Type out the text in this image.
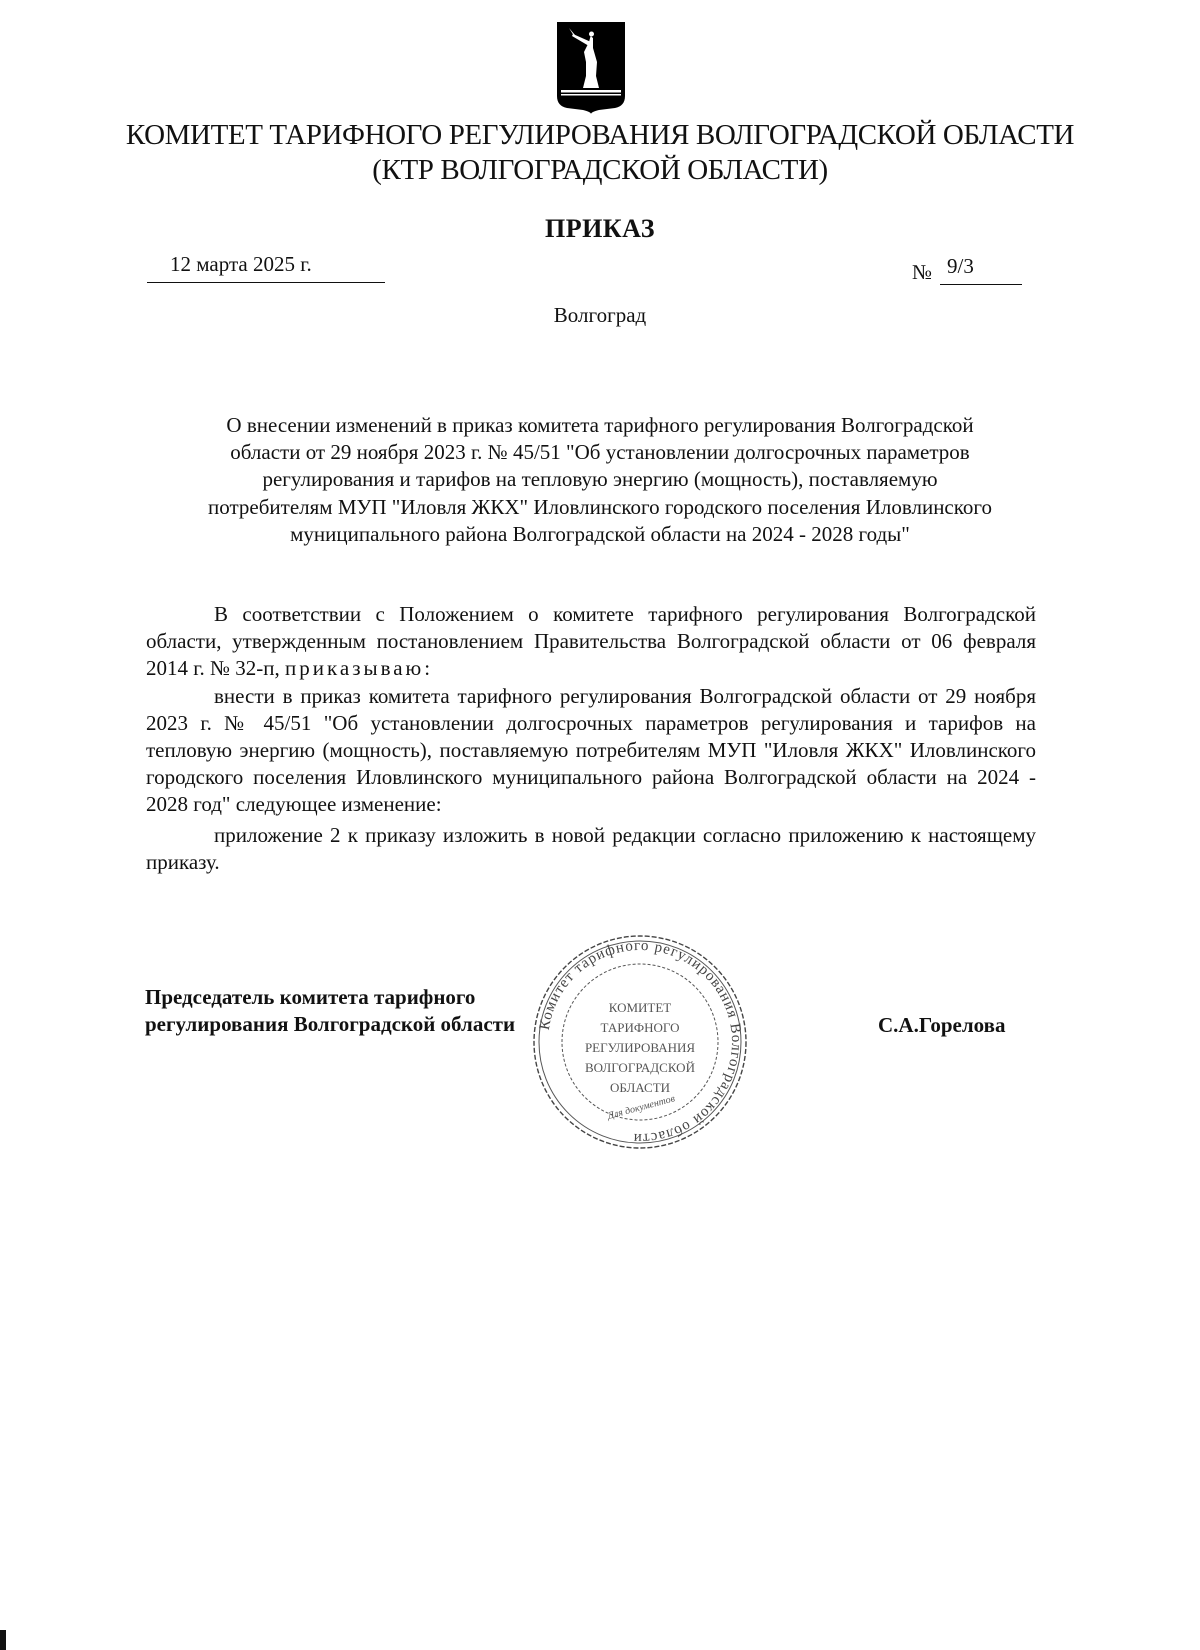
КОМИТЕТ ТАРИФНОГО РЕГУЛИРОВАНИЯ ВОЛГОГРАДСКОЙ ОБЛАСТИ
(КТР ВОЛГОГРАДСКОЙ ОБЛАСТИ)
ПРИКАЗ
12 марта 2025 г.	№ 9/3
Волгоград
О внесении изменений в приказ комитета тарифного регулирования Волгоградской
области от 29 ноября 2023 г. № 45/51 "Об установлении долгосрочных параметров
регулирования и тарифов на тепловую энергию (мощность), поставляемую
потребителям МУП "Иловля ЖКХ" Иловлинского городского поселения Иловлинского
муниципального района Волгоградской области на 2024 - 2028 годы"

В соответствии с Положением о комитете тарифного регулирования Волгоградской области, утвержденным постановлением Правительства Волгоградской области от 06 февраля 2014 г. № 32-п, приказываю:

внести в приказ комитета тарифного регулирования Волгоградской области от 29 ноября 2023 г. № 45/51 "Об установлении долгосрочных параметров регулирования и тарифов на тепловую энергию (мощность), поставляемую потребителям МУП "Иловля ЖКХ" Иловлинского городского поселения Иловлинского муниципального района Волгоградской области на 2024 - 2028 год" следующее изменение:

приложение 2 к приказу изложить в новой редакции согласно приложению к настоящему приказу.

Комитет тарифного регулирования Волгоградской области
КОМИТЕТ
ТАРИФНОГО
РЕГУЛИРОВАНИЯ
ВОЛГОГРАДСКОЙ
ОБЛАСТИ
Для документов
Председатель комитета тарифного
регулирования Волгоградской области	С.А.Горелова
